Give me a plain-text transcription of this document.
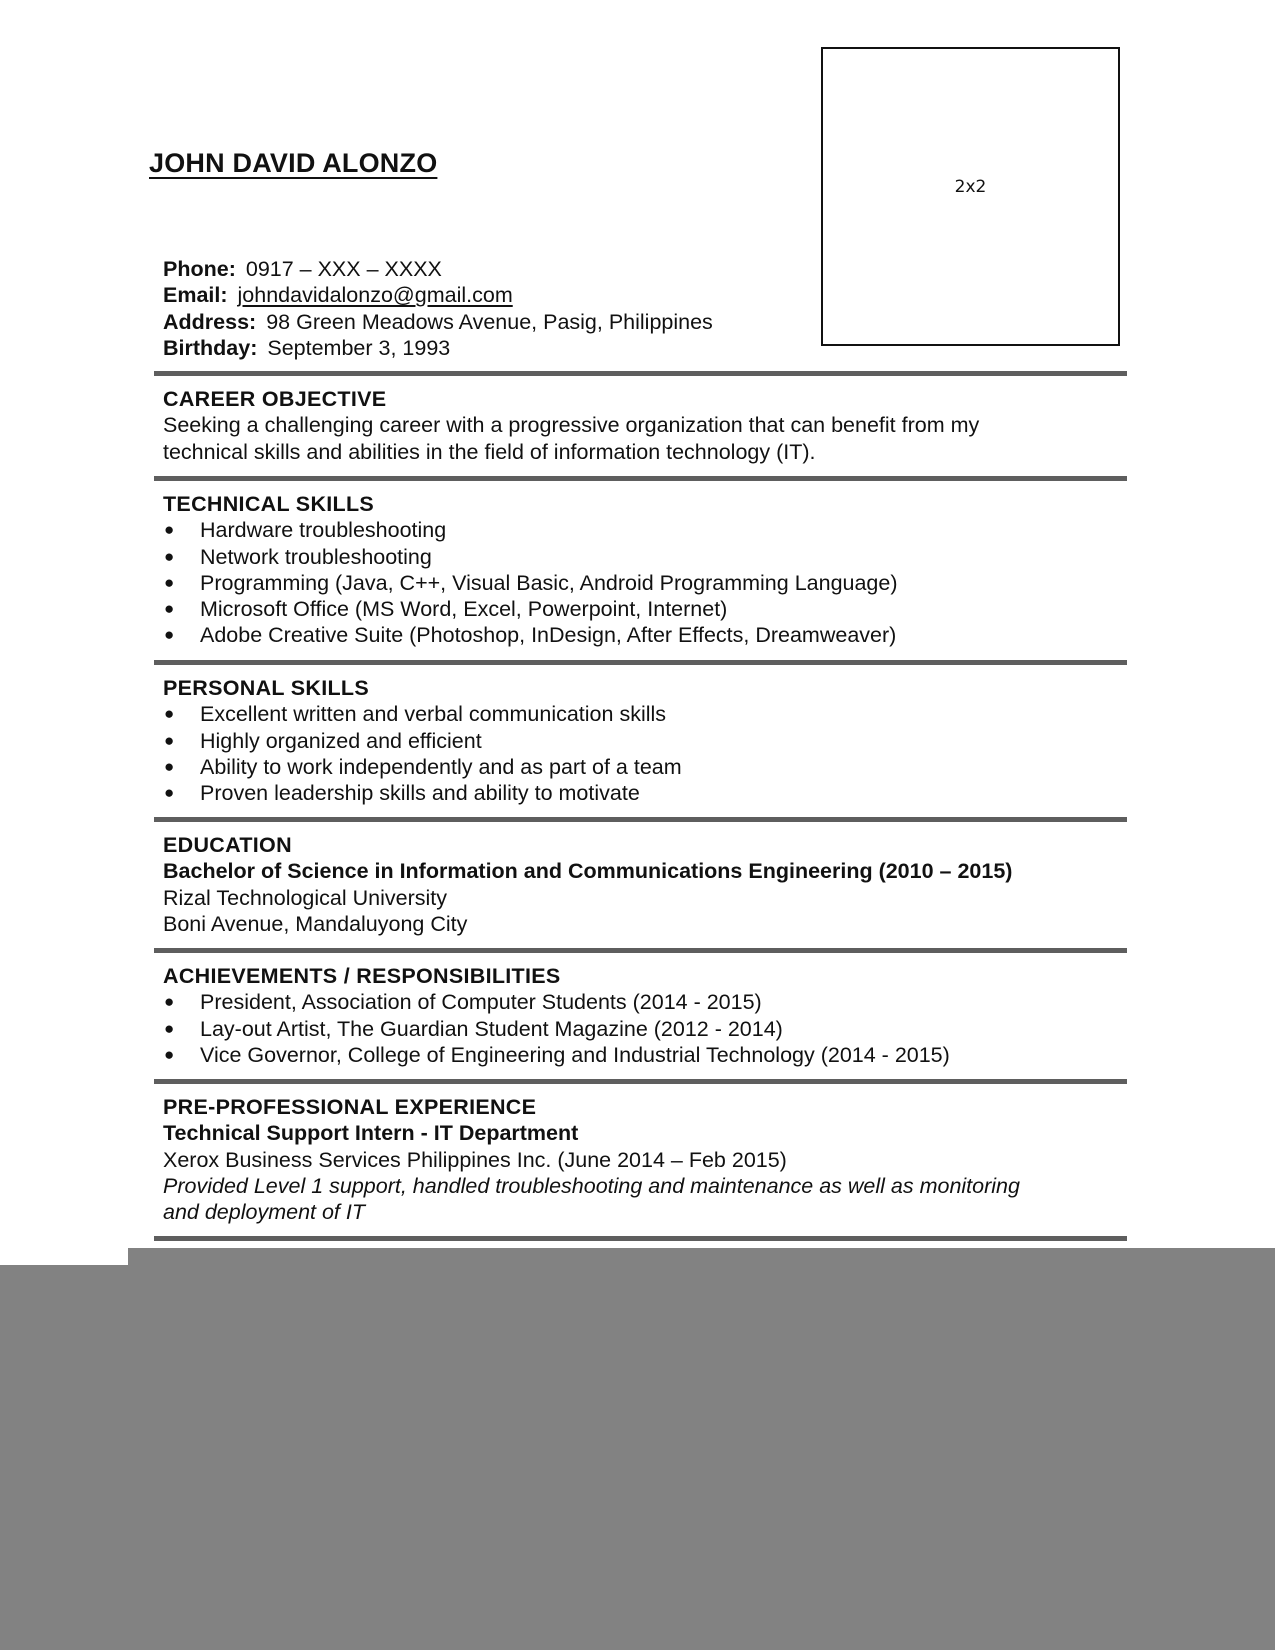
JOHN DAVID ALONZO
2x2
Phone: 0917 – XXX – XXXX
Email: johndavidalonzo@gmail.com
Address: 98 Green Meadows Avenue, Pasig, Philippines
Birthday: September 3, 1993
CAREER OBJECTIVE
Seeking a challenging career with a progressive organization that can benefit from my
technical skills and abilities in the field of information technology (IT).
TECHNICAL SKILLS
● Hardware troubleshooting
● Network troubleshooting
● Programming (Java, C++, Visual Basic, Android Programming Language)
● Microsoft Office (MS Word, Excel, Powerpoint, Internet)
● Adobe Creative Suite (Photoshop, InDesign, After Effects, Dreamweaver)
PERSONAL SKILLS
● Excellent written and verbal communication skills
● Highly organized and efficient
● Ability to work independently and as part of a team
● Proven leadership skills and ability to motivate
EDUCATION
Bachelor of Science in Information and Communications Engineering (2010 – 2015)
Rizal Technological University
Boni Avenue, Mandaluyong City
ACHIEVEMENTS / RESPONSIBILITIES
● President, Association of Computer Students (2014 - 2015)
● Lay-out Artist, The Guardian Student Magazine (2012 - 2014)
● Vice Governor, College of Engineering and Industrial Technology (2014 - 2015)
PRE-PROFESSIONAL EXPERIENCE
Technical Support Intern - IT Department
Xerox Business Services Philippines Inc. (June 2014 – Feb 2015)
Provided Level 1 support, handled troubleshooting and maintenance as well as monitoring
and deployment of IT
